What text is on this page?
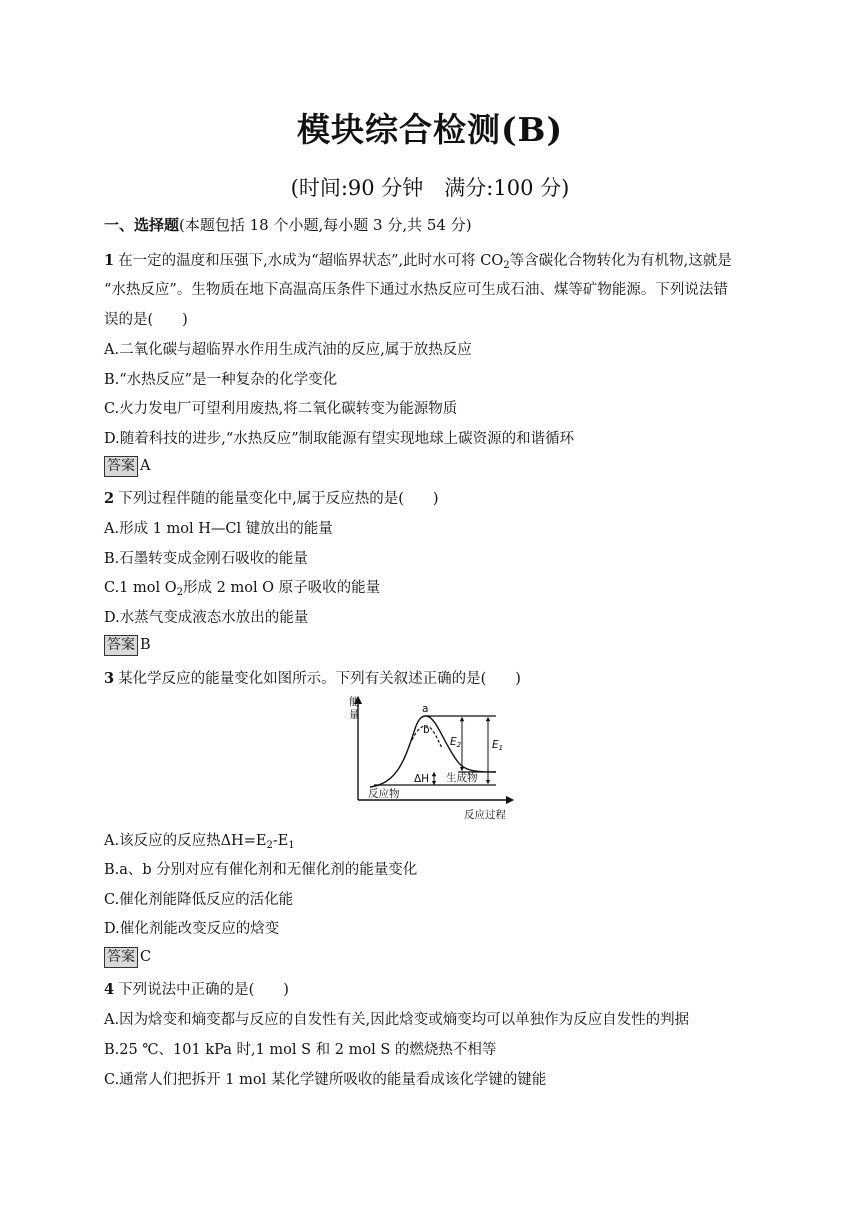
模块综合检测(B)
(时间:90 分钟　满分:100 分)
一、选择题(本题包括 18 个小题,每小题 3 分,共 54 分)
1 在一定的温度和压强下,水成为“超临界状态”,此时水可将 $CO_2$等含碳化合物转化为有机物,这就是
“水热反应”。生物质在地下高温高压条件下通过水热反应可生成石油、煤等矿物能源。下列说法错
误的是(　　)
A.二氧化碳与超临界水作用生成汽油的反应,属于放热反应
B.“水热反应”是一种复杂的化学变化
C.火力发电厂可望利用废热,将二氧化碳转变为能源物质
D.随着科技的进步,“水热反应”制取能源有望实现地球上碳资源的和谐循环
答案 A
2 下列过程伴随的能量变化中,属于反应热的是(　　)
A.形成 1 mol H—Cl 键放出的能量
B.石墨转变成金刚石吸收的能量
C.1 mol $O_2$形成 2 mol O 原子吸收的能量
D.水蒸气变成液态水放出的能量
答案 B
3 某化学反应的能量变化如图所示。下列有关叙述正确的是(　　)
能
量	a
b
E2	E1
ΔH 生成物
反应物
反应过程
A.该反应的反应热$\Delta H=E_2-E_1$
B.a、b 分别对应有催化剂和无催化剂的能量变化
C.催化剂能降低反应的活化能
D.催化剂能改变反应的焓变
答案 C
4 下列说法中正确的是(　　)
A.因为焓变和熵变都与反应的自发性有关,因此焓变或熵变均可以单独作为反应自发性的判据
B.25 ℃、101 kPa 时,1 mol S 和 2 mol S 的燃烧热不相等
C.通常人们把拆开 1 mol 某化学键所吸收的能量看成该化学键的键能
